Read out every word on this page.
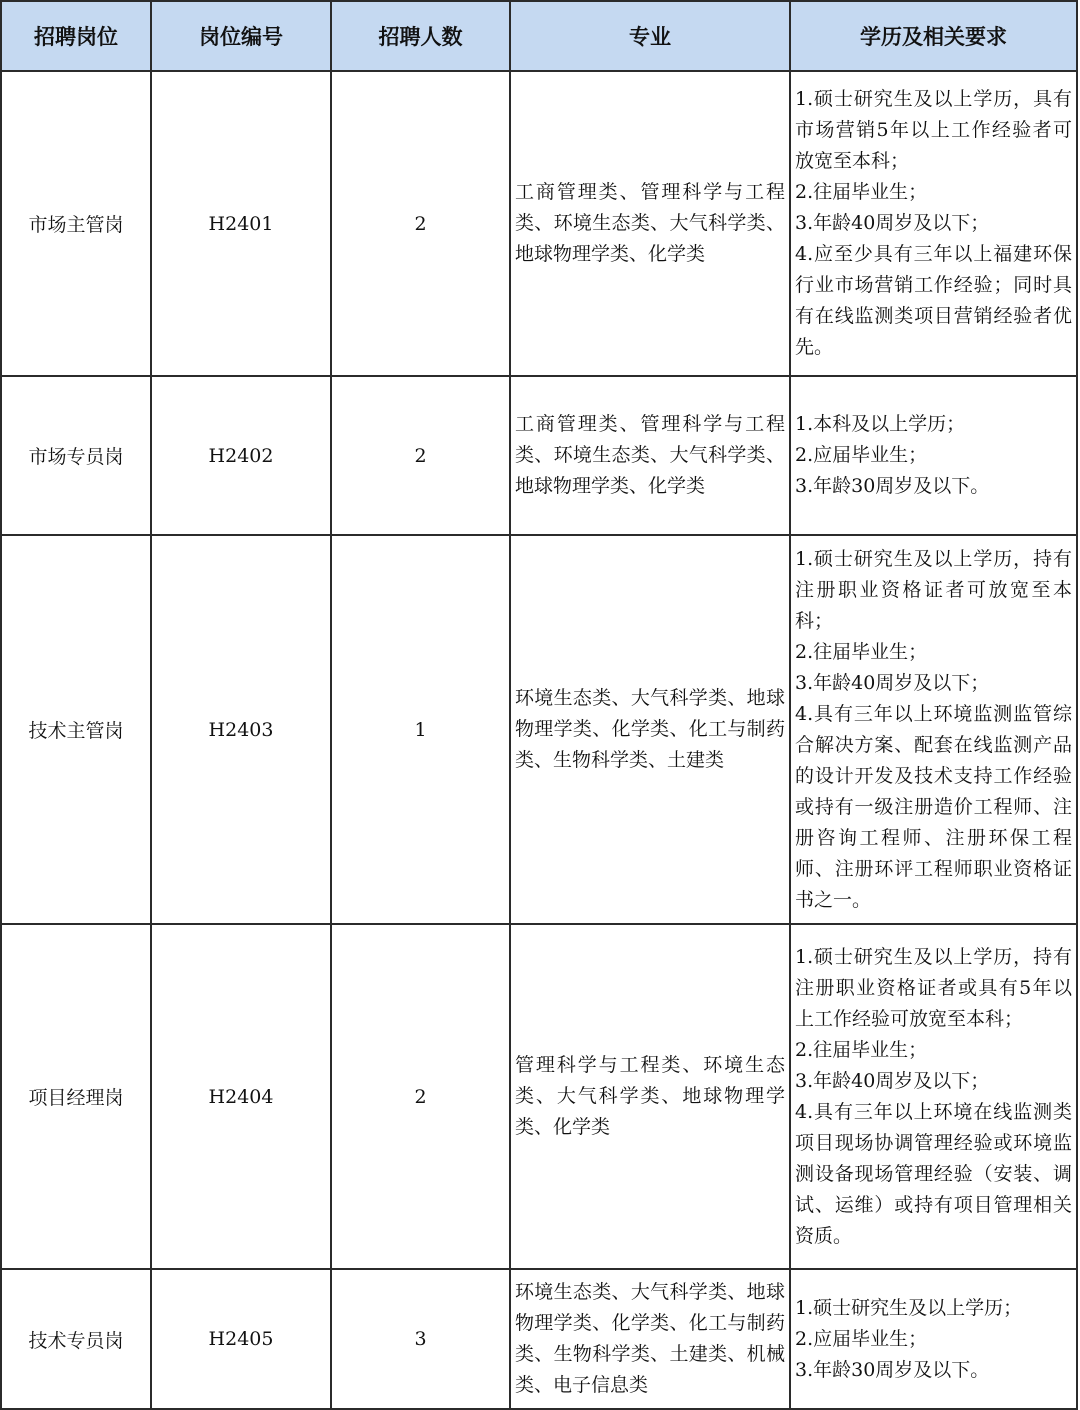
招聘岗位	岗位编号	招聘人数	专业	学历及相关要求
市场主管岗	H2401	2	工商管理类、管理科学与工程类、环境生态类、大气科学类、地球物理学类、化学类	1.硕士研究生及以上学历，具有市场营销5年以上工作经验者可放宽至本科；
2.往届毕业生；
3.年龄40周岁及以下；
4.应至少具有三年以上福建环保行业市场营销工作经验；同时具有在线监测类项目营销经验者优先。

市场专员岗	H2402	2	工商管理类、管理科学与工程类、环境生态类、大气科学类、地球物理学类、化学类	1.本科及以上学历；
2.应届毕业生；
3.年龄30周岁及以下。

技术主管岗	H2403	1	环境生态类、大气科学类、地球物理学类、化学类、化工与制药类、生物科学类、土建类	1.硕士研究生及以上学历，持有注册职业资格证者可放宽至本科；
2.往届毕业生；
3.年龄40周岁及以下；
4.具有三年以上环境监测监管综合解决方案、配套在线监测产品的设计开发及技术支持工作经验或持有一级注册造价工程师、注册咨询工程师、注册环保工程师、注册环评工程师职业资格证书之一。

项目经理岗	H2404	2	管理科学与工程类、环境生态类、大气科学类、地球物理学类、化学类	1.硕士研究生及以上学历，持有注册职业资格证者或具有5年以上工作经验可放宽至本科；
2.往届毕业生；
3.年龄40周岁及以下；
4.具有三年以上环境在线监测类项目现场协调管理经验或环境监测设备现场管理经验（安装、调试、运维）或持有项目管理相关资质。

技术专员岗	H2405	3	环境生态类、大气科学类、地球物理学类、化学类、化工与制药类、生物科学类、土建类、机械类、电子信息类	1.硕士研究生及以上学历；
2.应届毕业生；
3.年龄30周岁及以下。
